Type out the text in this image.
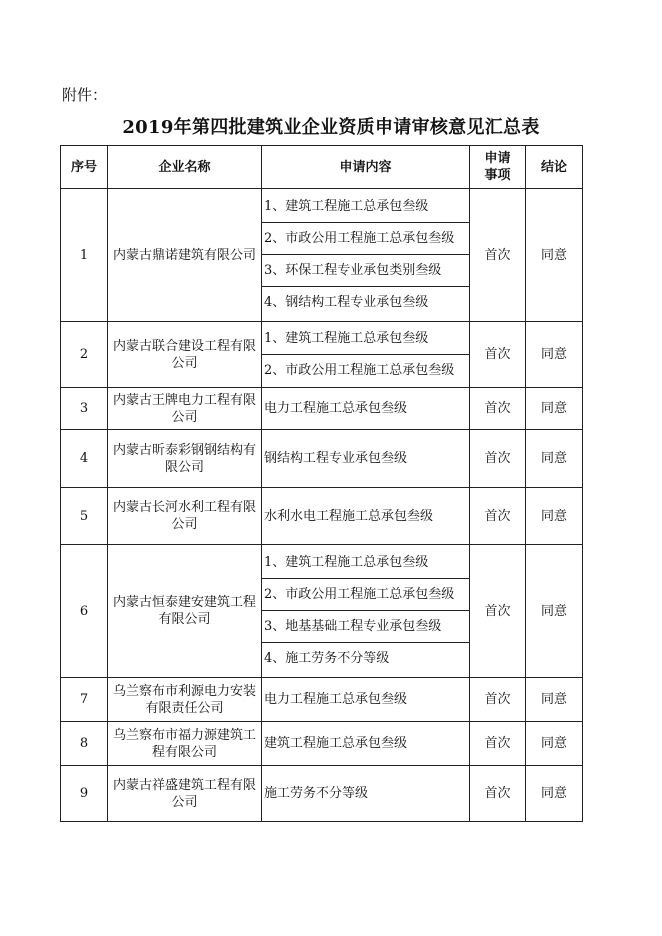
附件：
2019年第四批建筑业企业资质申请审核意见汇总表
序号	企业名称	申请内容	申请事项	结论
1	内蒙古鼎诺建筑有限公司	1、建筑工程施工总承包叁级
2、市政公用工程施工总承包叁级
3、环保工程专业承包类别叁级
4、钢结构工程专业承包叁级	首次	同意
2	内蒙古联合建设工程有限公司	1、建筑工程施工总承包叁级
2、市政公用工程施工总承包叁级	首次	同意
3	内蒙古王牌电力工程有限公司	电力工程施工总承包叁级	首次	同意
4	内蒙古昕泰彩钢钢结构有限公司	钢结构工程专业承包叁级	首次	同意
5	内蒙古长河水利工程有限公司	水利水电工程施工总承包叁级	首次	同意
6	内蒙古恒泰建安建筑工程有限公司	1、建筑工程施工总承包叁级
2、市政公用工程施工总承包叁级
3、地基基础工程专业承包叁级
4、施工劳务不分等级	首次	同意
7	乌兰察布市利源电力安装有限责任公司	电力工程施工总承包叁级	首次	同意
8	乌兰察布市福力源建筑工程有限公司	建筑工程施工总承包叁级	首次	同意
9	内蒙古祥盛建筑工程有限公司	施工劳务不分等级	首次	同意
